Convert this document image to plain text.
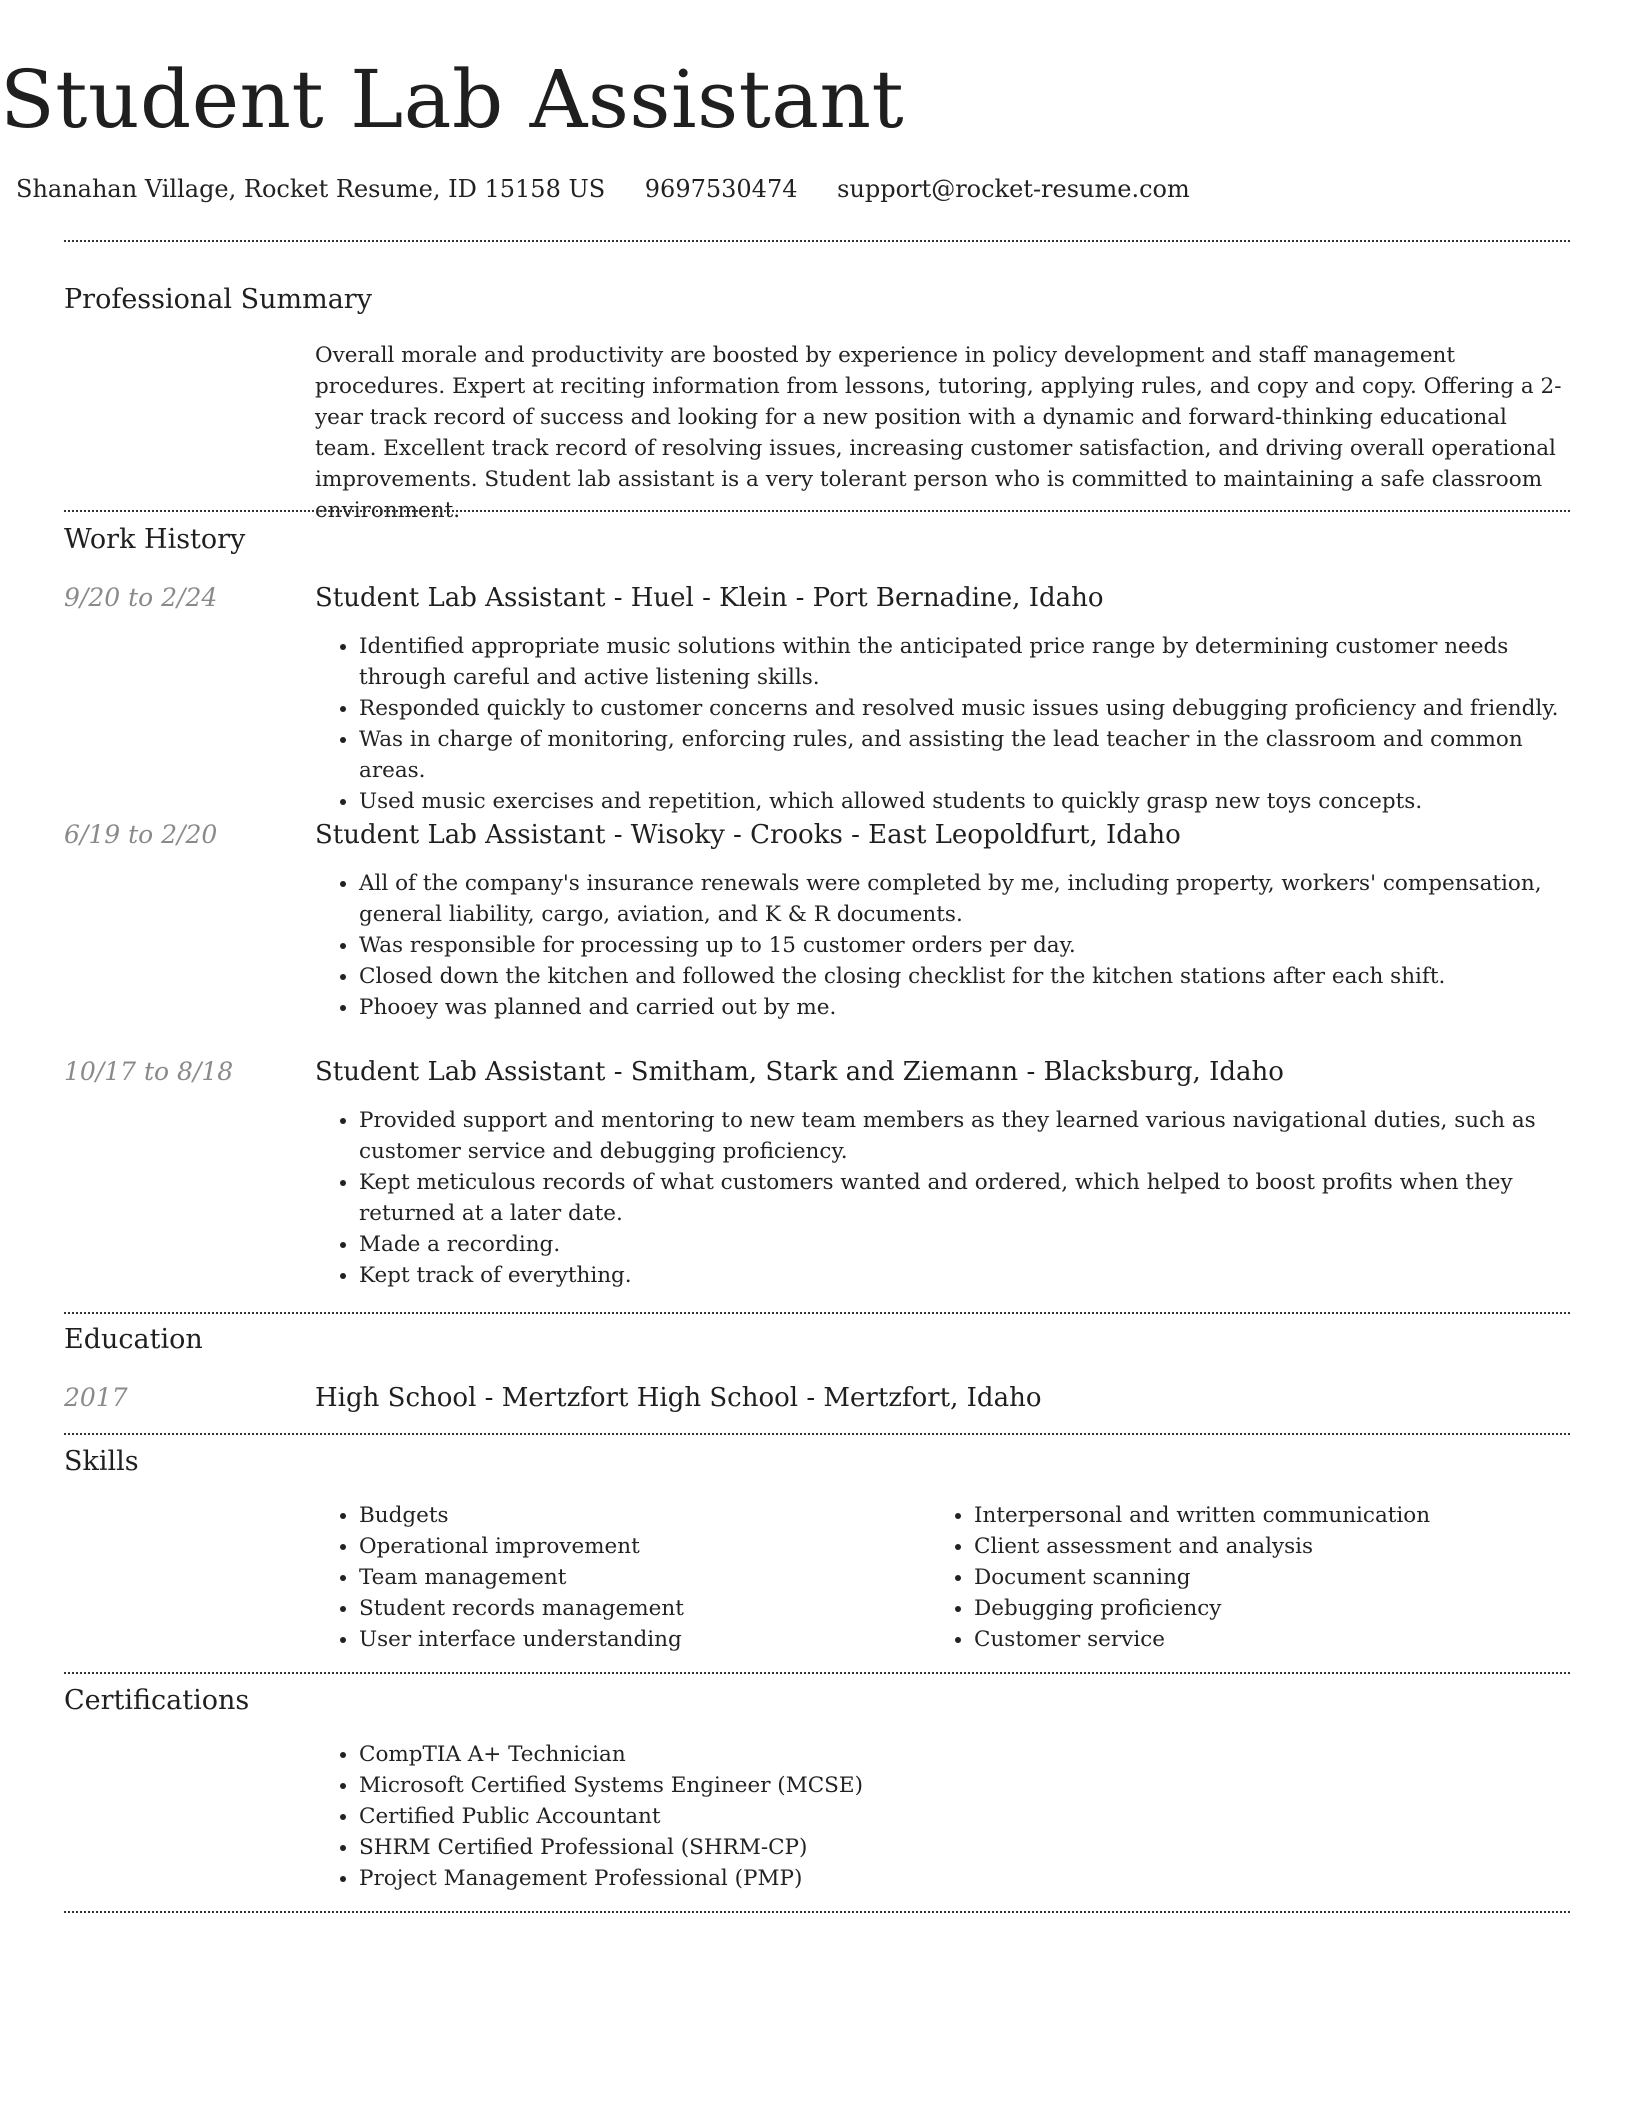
Student Lab Assistant
Shanahan Village, Rocket Resume, ID 15158 US 9697530474 support@rocket-resume.com
Professional Summary

Overall morale and productivity are boosted by experience in policy development and staff management procedures. Expert at reciting information from lessons, tutoring, applying rules, and copy and copy. Offering a 2-year track record of success and looking for a new position with a dynamic and forward-thinking educational team. Excellent track record of resolving issues, increasing customer satisfaction, and driving overall operational improvements. Student lab assistant is a very tolerant person who is committed to maintaining a safe classroom environment.

Work History
9/20 to 2/24	Student Lab Assistant - Huel - Klein - Port Bernadine, Idaho
• Identified appropriate music solutions within the anticipated price range by determining customer needs through careful and active listening skills.
• Responded quickly to customer concerns and resolved music issues using debugging proficiency and friendly.
• Was in charge of monitoring, enforcing rules, and assisting the lead teacher in the classroom and common areas.
• Used music exercises and repetition, which allowed students to quickly grasp new toys concepts.
6/19 to 2/20	Student Lab Assistant - Wisoky - Crooks - East Leopoldfurt, Idaho
• All of the company's insurance renewals were completed by me, including property, workers' compensation, general liability, cargo, aviation, and K & R documents.
• Was responsible for processing up to 15 customer orders per day.
• Closed down the kitchen and followed the closing checklist for the kitchen stations after each shift.
• Phooey was planned and carried out by me.
10/17 to 8/18	Student Lab Assistant - Smitham, Stark and Ziemann - Blacksburg, Idaho
• Provided support and mentoring to new team members as they learned various navigational duties, such as customer service and debugging proficiency.
• Kept meticulous records of what customers wanted and ordered, which helped to boost profits when they returned at a later date.
• Made a recording.
• Kept track of everything.
Education
2017	High School - Mertzfort High School - Mertzfort, Idaho
Skills
• Budgets
• Operational improvement
• Team management
• Student records management
• User interface understanding
• Interpersonal and written communication
• Client assessment and analysis
• Document scanning
• Debugging proficiency
• Customer service
Certifications
• CompTIA A+ Technician
• Microsoft Certified Systems Engineer (MCSE)
• Certified Public Accountant
• SHRM Certified Professional (SHRM-CP)
• Project Management Professional (PMP)
